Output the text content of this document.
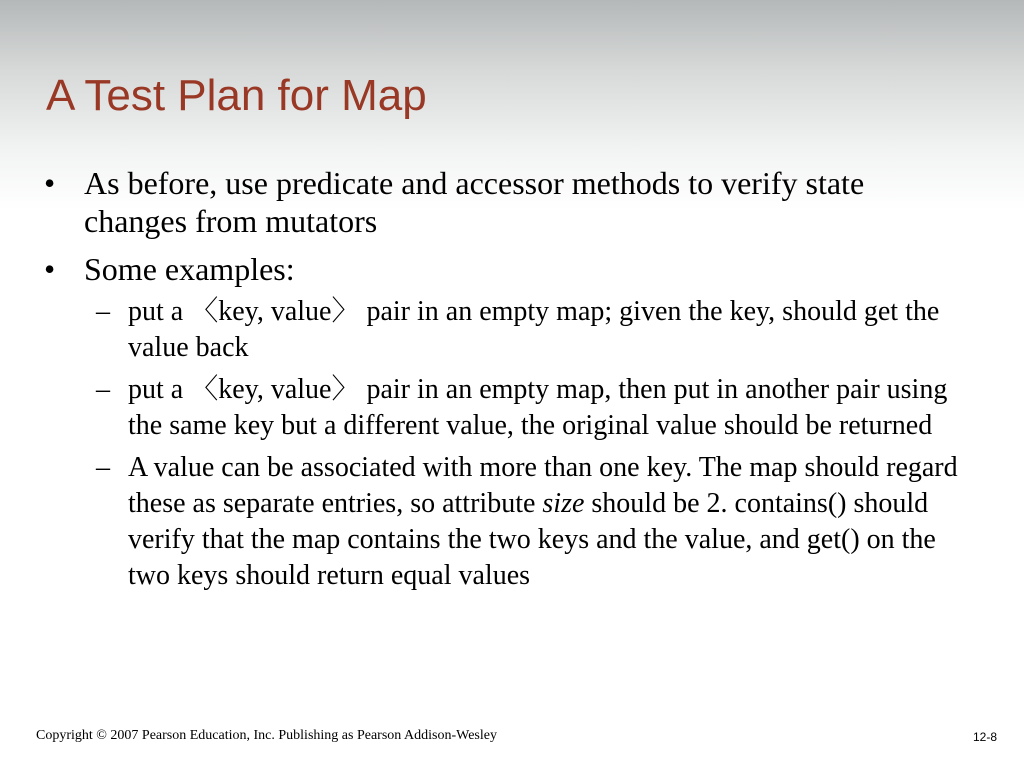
A Test Plan for Map
• As before, use predicate and accessor methods to verify state changes from mutators
• Some examples:
– put a 〈key, value〉 pair in an empty map; given the key, should get the value back
– put a 〈key, value〉 pair in an empty map, then put in another pair using the same key but a different value, the original value should be returned
– A value can be associated with more than one key. The map should regard these as separate entries, so attribute size should be 2. contains() should verify that the map contains the two keys and the value, and get() on the two keys should return equal values
Copyright © 2007 Pearson Education, Inc. Publishing as Pearson Addison-Wesley	12-8
